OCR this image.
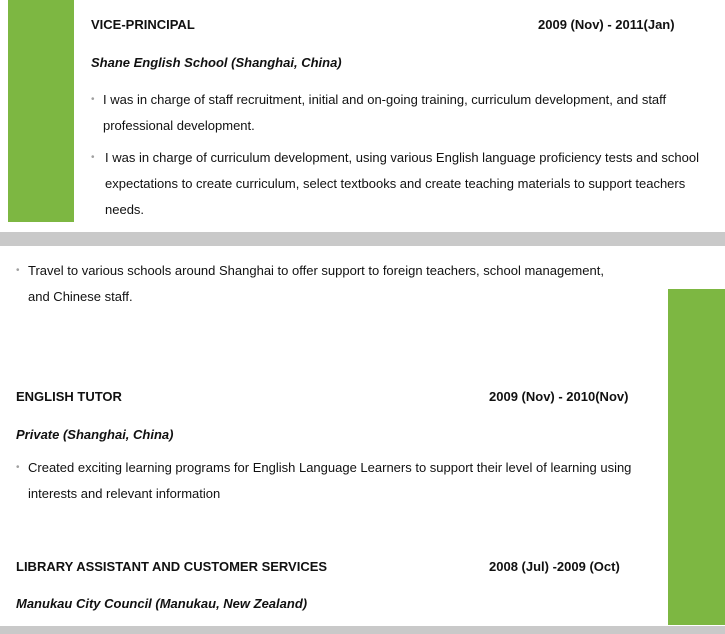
VICE-PRINCIPAL	2009 (Nov) - 2011(Jan)
Shane English School (Shanghai, China)
• I was in charge of staff recruitment, initial and on-going training, curriculum development, and staff professional development.
• I was in charge of curriculum development, using various English language proficiency tests and school expectations to create curriculum, select textbooks and create teaching materials to support teachers needs.
• Travel to various schools around Shanghai to offer support to foreign teachers, school management, and Chinese staff.
ENGLISH TUTOR	2009 (Nov) - 2010(Nov)
Private (Shanghai, China)
• Created exciting learning programs for English Language Learners to support their level of learning using interests and relevant information
LIBRARY ASSISTANT AND CUSTOMER SERVICES	2008 (Jul) -2009 (Oct)
Manukau City Council (Manukau, New Zealand)
